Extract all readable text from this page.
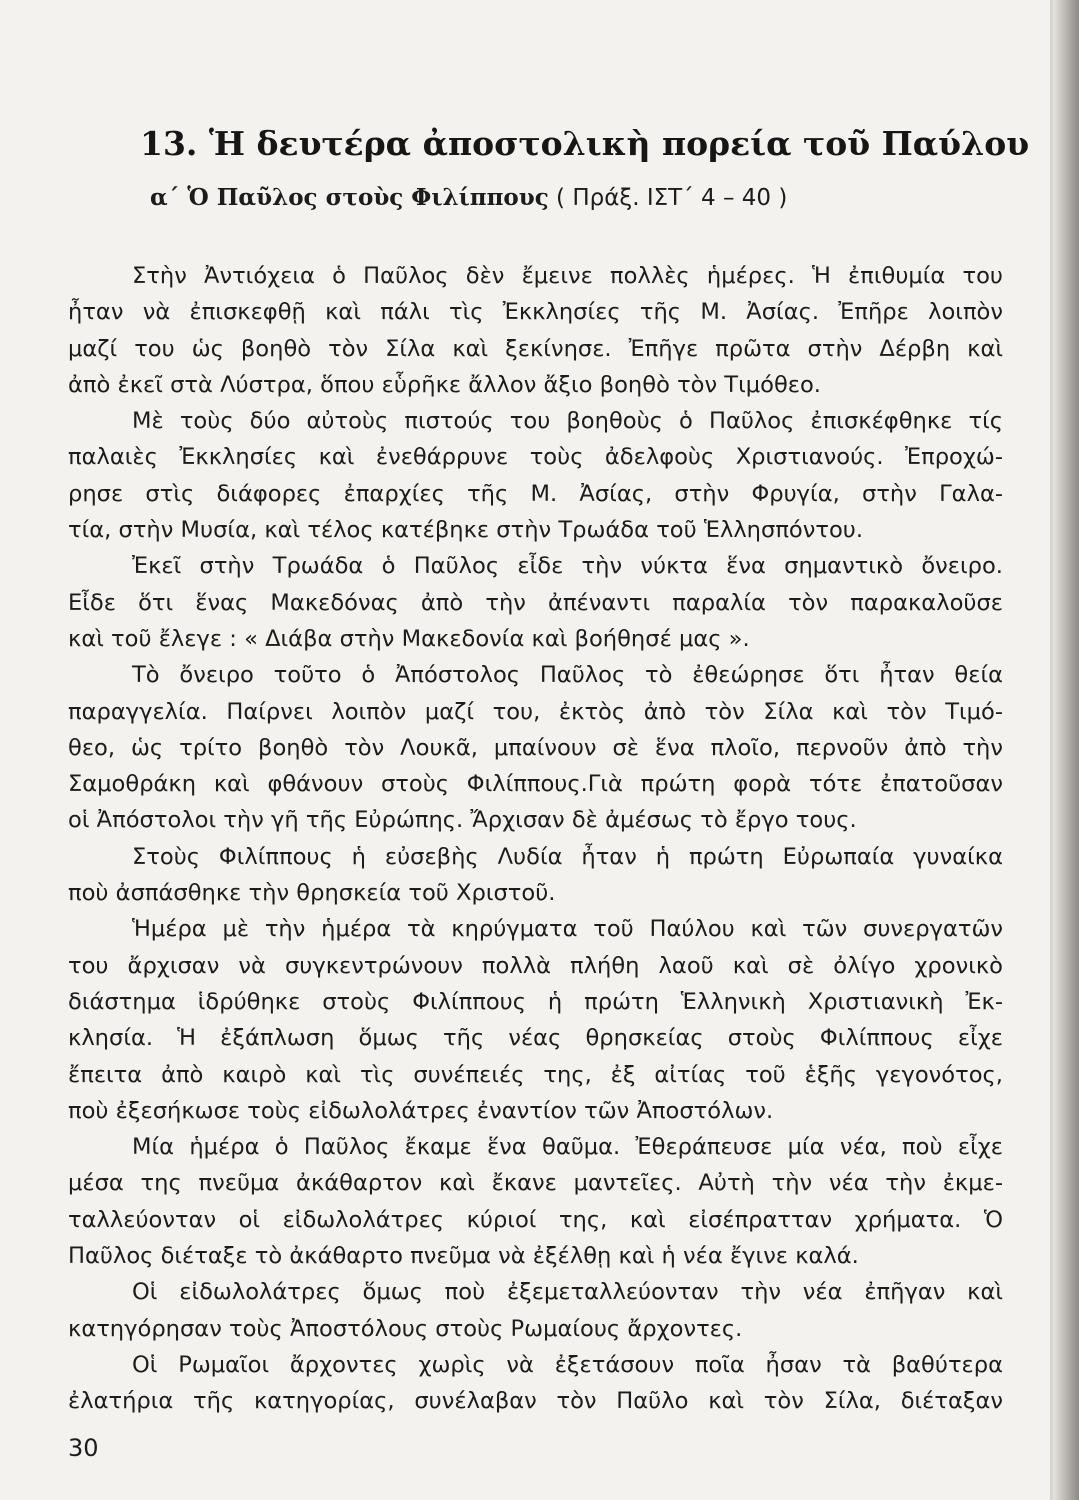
13. Ἡ δευτέρα ἀποστολικὴ πορεία τοῦ Παύλου
α΄ Ὁ Παῦλος στοὺς Φιλίππους ( Πράξ. ΙΣΤ΄ 4 – 40 )
Στὴν Ἀντιόχεια ὁ Παῦλος δὲν ἔμεινε πολλὲς ἡμέρες. Ἡ ἐπιθυμία του
ἦταν νὰ ἐπισκεφθῇ καὶ πάλι τὶς Ἐκκλησίες τῆς Μ. Ἀσίας. Ἐπῆρε λοιπὸν
μαζί του ὡς βοηθὸ τὸν Σίλα καὶ ξεκίνησε. Ἐπῆγε πρῶτα στὴν Δέρβη καὶ
ἀπὸ ἐκεῖ στὰ Λύστρα, ὅπου εὗρῆκε ἄλλον ἄξιο βοηθὸ τὸν Τιμόθεο.
Μὲ τοὺς δύο αὐτοὺς πιστούς του βοηθοὺς ὁ Παῦλος ἐπισκέφθηκε τίς
παλαιὲς Ἐκκλησίες καὶ ἐνεθάρρυνε τοὺς ἀδελφοὺς Χριστιανούς. Ἐπροχώ-
ρησε στὶς διάφορες ἐπαρχίες τῆς Μ. Ἀσίας, στὴν Φρυγία, στὴν Γαλα-
τία, στὴν Μυσία, καὶ τέλος κατέβηκε στὴν Τρωάδα τοῦ Ἑλλησπόντου.
Ἐκεῖ στὴν Τρωάδα ὁ Παῦλος εἶδε τὴν νύκτα ἕνα σημαντικὸ ὄνειρο.
Εἶδε ὅτι ἕνας Μακεδόνας ἀπὸ τὴν ἀπέναντι παραλία τὸν παρακαλοῦσε
καὶ τοῦ ἔλεγε : « Διάβα στὴν Μακεδονία καὶ βοήθησέ μας ».
Τὸ ὄνειρο τοῦτο ὁ Ἀπόστολος Παῦλος τὸ ἐθεώρησε ὅτι ἦταν θεία
παραγγελία. Παίρνει λοιπὸν μαζί του, ἐκτὸς ἀπὸ τὸν Σίλα καὶ τὸν Τιμό-
θεο, ὡς τρίτο βοηθὸ τὸν Λουκᾶ, μπαίνουν σὲ ἕνα πλοῖο, περνοῦν ἀπὸ τὴν
Σαμοθράκη καὶ φθάνουν στοὺς Φιλίππους.Γιὰ πρώτη φορὰ τότε ἐπατοῦσαν
οἱ Ἀπόστολοι τὴν γῆ τῆς Εὐρώπης. Ἄρχισαν δὲ ἀμέσως τὸ ἔργο τους.
Στοὺς Φιλίππους ἡ εὐσεβὴς Λυδία ἦταν ἡ πρώτη Εὐρωπαία γυναίκα
ποὺ ἀσπάσθηκε τὴν θρησκεία τοῦ Χριστοῦ.
Ἡμέρα μὲ τὴν ἡμέρα τὰ κηρύγματα τοῦ Παύλου καὶ τῶν συνεργατῶν
του ἄρχισαν νὰ συγκεντρώνουν πολλὰ πλήθη λαοῦ καὶ σὲ ὀλίγο χρονικὸ
διάστημα ἱδρύθηκε στοὺς Φιλίππους ἡ πρώτη Ἑλληνικὴ Χριστιανικὴ Ἐκ-
κλησία. Ἡ ἐξάπλωση ὅμως τῆς νέας θρησκείας στοὺς Φιλίππους εἶχε
ἔπειτα ἀπὸ καιρὸ καὶ τὶς συνέπειές της, ἐξ αἰτίας τοῦ ἑξῆς γεγονότος,
ποὺ ἐξεσήκωσε τοὺς εἰδωλολάτρες ἐναντίον τῶν Ἀποστόλων.
Μία ἡμέρα ὁ Παῦλος ἔκαμε ἕνα θαῦμα. Ἐθεράπευσε μία νέα, ποὺ εἶχε
μέσα της πνεῦμα ἀκάθαρτον καὶ ἔκανε μαντεῖες. Αὐτὴ τὴν νέα τὴν ἐκμε-
ταλλεύονταν οἱ εἰδωλολάτρες κύριοί της, καὶ εἰσέπρατταν χρήματα. Ὁ
Παῦλος διέταξε τὸ ἀκάθαρτο πνεῦμα νὰ ἐξέλθῃ καὶ ἡ νέα ἔγινε καλά.
Οἱ εἰδωλολάτρες ὅμως ποὺ ἐξεμεταλλεύονταν τὴν νέα ἐπῆγαν καὶ
κατηγόρησαν τοὺς Ἀποστόλους στοὺς Ρωμαίους ἄρχοντες.
Οἱ Ρωμαῖοι ἄρχοντες χωρὶς νὰ ἐξετάσουν ποῖα ἦσαν τὰ βαθύτερα
ἐλατήρια τῆς κατηγορίας, συνέλαβαν τὸν Παῦλο καὶ τὸν Σίλα, διέταξαν
30
